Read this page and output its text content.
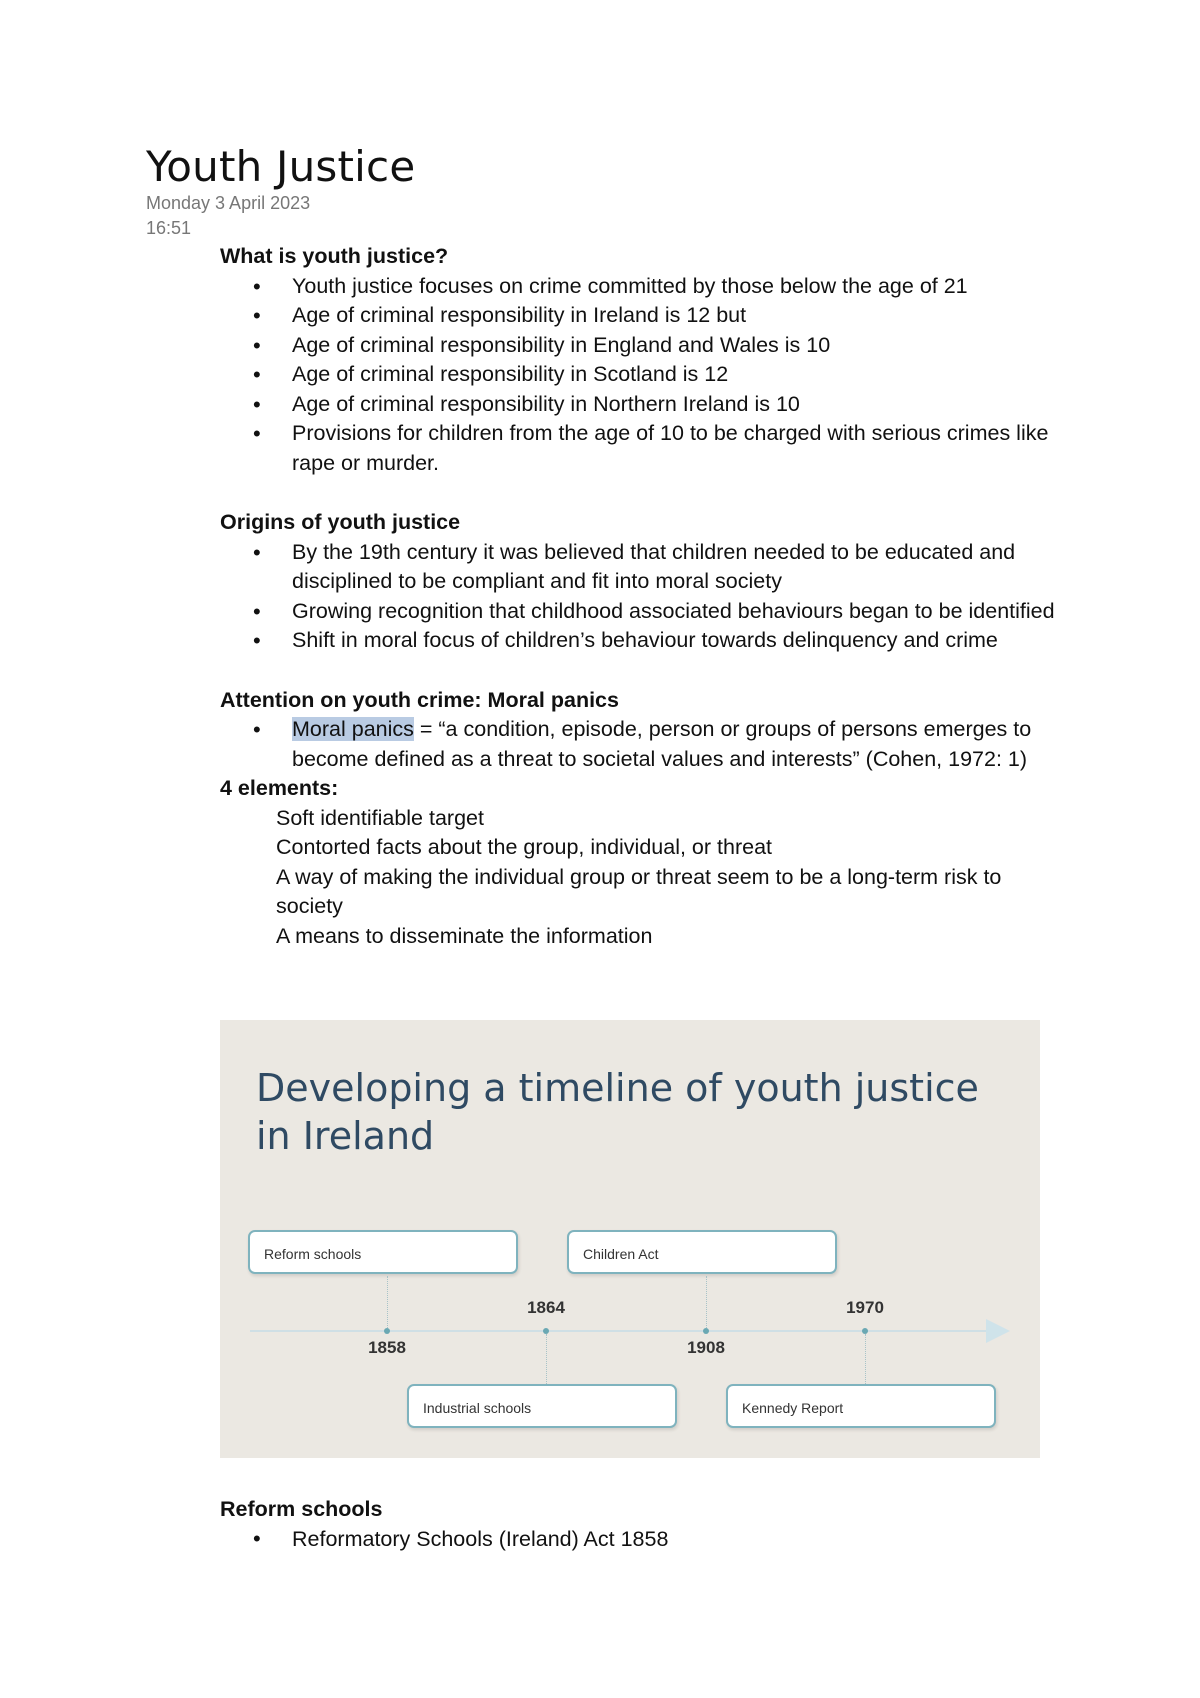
Youth Justice
Monday 3 April 2023
16:51

What is youth justice?

• Youth justice focuses on crime committed by those below the age of 21
• Age of criminal responsibility in Ireland is 12 but
• Age of criminal responsibility in England and Wales is 10
• Age of criminal responsibility in Scotland is 12
• Age of criminal responsibility in Northern Ireland is 10
• Provisions for children from the age of 10 to be charged with serious crimes like rape or murder.

Origins of youth justice

• By the 19th century it was believed that children needed to be educated and disciplined to be compliant and fit into moral society
• Growing recognition that childhood associated behaviours began to be identified
• Shift in moral focus of children’s behaviour towards delinquency and crime

Attention on youth crime: Moral panics

• Moral panics = “a condition, episode, person or groups of persons emerges to become defined as a threat to societal values and interests” (Cohen, 1972: 1)

4 elements:

Soft identifiable target
Contorted facts about the group, individual, or threat
A way of making the individual group or threat seem to be a long-term risk to society
A means to disseminate the information
Developing a timeline of youth justice in Ireland
Reform schools
1858
1864
Industrial schools
Children Act
1908
1970
Kennedy Report

Reform schools

• Reformatory Schools (Ireland) Act 1858
